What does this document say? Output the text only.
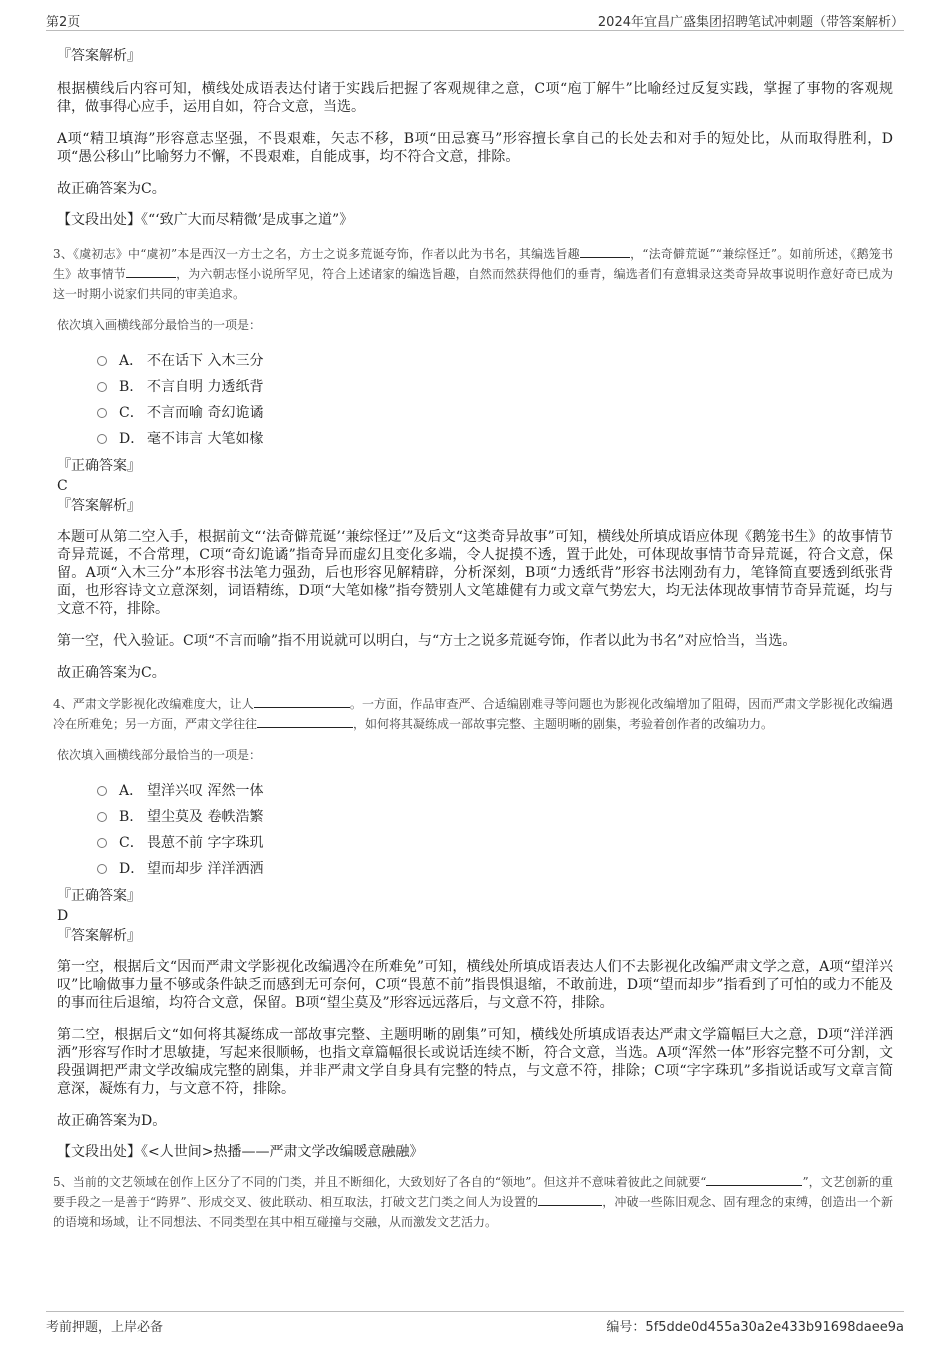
第2页	2024年宜昌广盛集团招聘笔试冲刺题（带答案解析）

『答案解析』

根据横线后内容可知，横线处成语表达付诸于实践后把握了客观规律之意，C项“庖丁解牛”比喻经过反复实践，掌握了事物的客观规律，做事得心应手，运用自如，符合文意，当选。

A项“精卫填海”形容意志坚强，不畏艰难，矢志不移，B项“田忌赛马”形容擅长拿自己的长处去和对手的短处比，从而取得胜利，D项“愚公移山”比喻努力不懈，不畏艰难，自能成事，均不符合文意，排除。

故正确答案为C。

【文段出处】《“‘致广大而尽精微’是成事之道”》

3、《虞初志》中“虞初”本是西汉一方士之名，方士之说多荒诞夸饰，作者以此为书名，其编选旨趣	，“法奇僻荒诞”“兼综怪迁”。如前所述，《鹅笼书生》故事情节	，为六朝志怪小说所罕见，符合上述诸家的编选旨趣，自然而然获得他们的垂青，编选者们有意辑录这类奇异故事说明作意好奇已成为这一时期小说家们共同的审美追求。

依次填入画横线部分最恰当的一项是：

A． 不在话下 入木三分
B. 不言自明 力透纸背
C． 不言而喻 奇幻诡谲
D． 毫不讳言 大笔如椽

『正确答案』

C

『答案解析』

本题可从第二空入手，根据前文“‘法奇僻荒诞’‘兼综怪迂’”及后文“这类奇异故事”可知，横线处所填成语应体现《鹅笼书生》的故事情节奇异荒诞，不合常理，C项“奇幻诡谲”指奇异而虚幻且变化多端，令人捉摸不透，置于此处，可体现故事情节奇异荒诞，符合文意，保留。A项“入木三分”本形容书法笔力强劲，后也形容见解精辟，分析深刻，B项“力透纸背”形容书法刚劲有力，笔锋简直要透到纸张背面，也形容诗文立意深刻，词语精练，D项“大笔如椽”指夸赞别人文笔雄健有力或文章气势宏大，均无法体现故事情节奇异荒诞，均与文意不符，排除。

第一空，代入验证。C项“不言而喻”指不用说就可以明白，与“方士之说多荒诞夸饰，作者以此为书名”对应恰当，当选。

故正确答案为C。

4、严肃文学影视化改编难度大，让人	。一方面，作品审查严、合适编剧难寻等问题也为影视化改编增加了阻碍，因而严肃文学影视化改编遇冷在所难免；另一方面，严肃文学往往	，如何将其凝练成一部故事完整、主题明晰的剧集，考验着创作者的改编功力。

依次填入画横线部分最恰当的一项是：

A． 望洋兴叹 浑然一体
B. 望尘莫及 卷帙浩繁
C． 畏葸不前 字字珠玑
D． 望而却步 洋洋洒洒

『正确答案』

D

『答案解析』

第一空，根据后文“因而严肃文学影视化改编遇冷在所难免”可知，横线处所填成语表达人们不去影视化改编严肃文学之意，A项“望洋兴叹”比喻做事力量不够或条件缺乏而感到无可奈何，C项“畏葸不前”指畏惧退缩，不敢前进，D项“望而却步”指看到了可怕的或力不能及的事而往后退缩，均符合文意，保留。B项“望尘莫及”形容远远落后，与文意不符，排除。

第二空，根据后文“如何将其凝练成一部故事完整、主题明晰的剧集”可知，横线处所填成语表达严肃文学篇幅巨大之意，D项“洋洋洒洒”形容写作时才思敏捷，写起来很顺畅，也指文章篇幅很长或说话连续不断，符合文意，当选。A项“浑然一体”形容完整不可分割，文段强调把严肃文学改编成完整的剧集，并非严肃文学自身具有完整的特点，与文意不符，排除；C项“字字珠玑”多指说话或写文章言简意深，凝炼有力，与文意不符，排除。

故正确答案为D。

【文段出处】《<人世间>热播——严肃文学改编暖意融融》

5、当前的文艺领域在创作上区分了不同的门类，并且不断细化，大致划好了各自的“领地”。但这并不意味着彼此之间就要“	”，文艺创新的重要手段之一是善于“跨界”、形成交叉、彼此联动、相互取法，打破文艺门类之间人为设置的	，冲破一些陈旧观念、固有理念的束缚，创造出一个新的语境和场域，让不同想法、不同类型在其中相互碰撞与交融，从而激发文艺活力。

考前押题，上岸必备	编号：5f5dde0d455a30a2e433b91698daee9a
